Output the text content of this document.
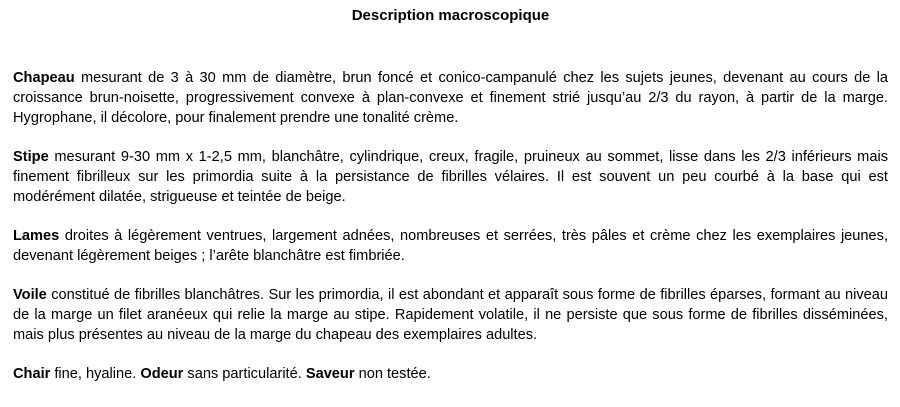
Description macroscopique

Chapeau mesurant de 3 à 30 mm de diamètre, brun foncé et conico-campanulé chez les sujets jeunes, devenant au cours de la croissance brun-noisette, progressivement convexe à plan-convexe et finement strié jusqu’au 2/3 du rayon, à partir de la marge. Hygrophane, il décolore, pour finalement prendre une tonalité crème.

Stipe mesurant 9-30 mm x 1-2,5 mm, blanchâtre, cylindrique, creux, fragile, pruineux au sommet, lisse dans les 2/3 inférieurs mais finement fibrilleux sur les primordia suite à la persistance de fibrilles vélaires. Il est souvent un peu courbé à la base qui est modérément dilatée, strigueuse et teintée de beige.

Lames droites à légèrement ventrues, largement adnées, nombreuses et serrées, très pâles et crème chez les exemplaires jeunes, devenant légèrement beiges ; l’arête blanchâtre est fimbriée.

Voile constitué de fibrilles blanchâtres. Sur les primordia, il est abondant et apparaît sous forme de fibrilles éparses, formant au niveau de la marge un filet aranéeux qui relie la marge au stipe. Rapidement volatile, il ne persiste que sous forme de fibrilles disséminées, mais plus présentes au niveau de la marge du chapeau des exemplaires adultes.

Chair fine, hyaline. Odeur sans particularité. Saveur non testée.
